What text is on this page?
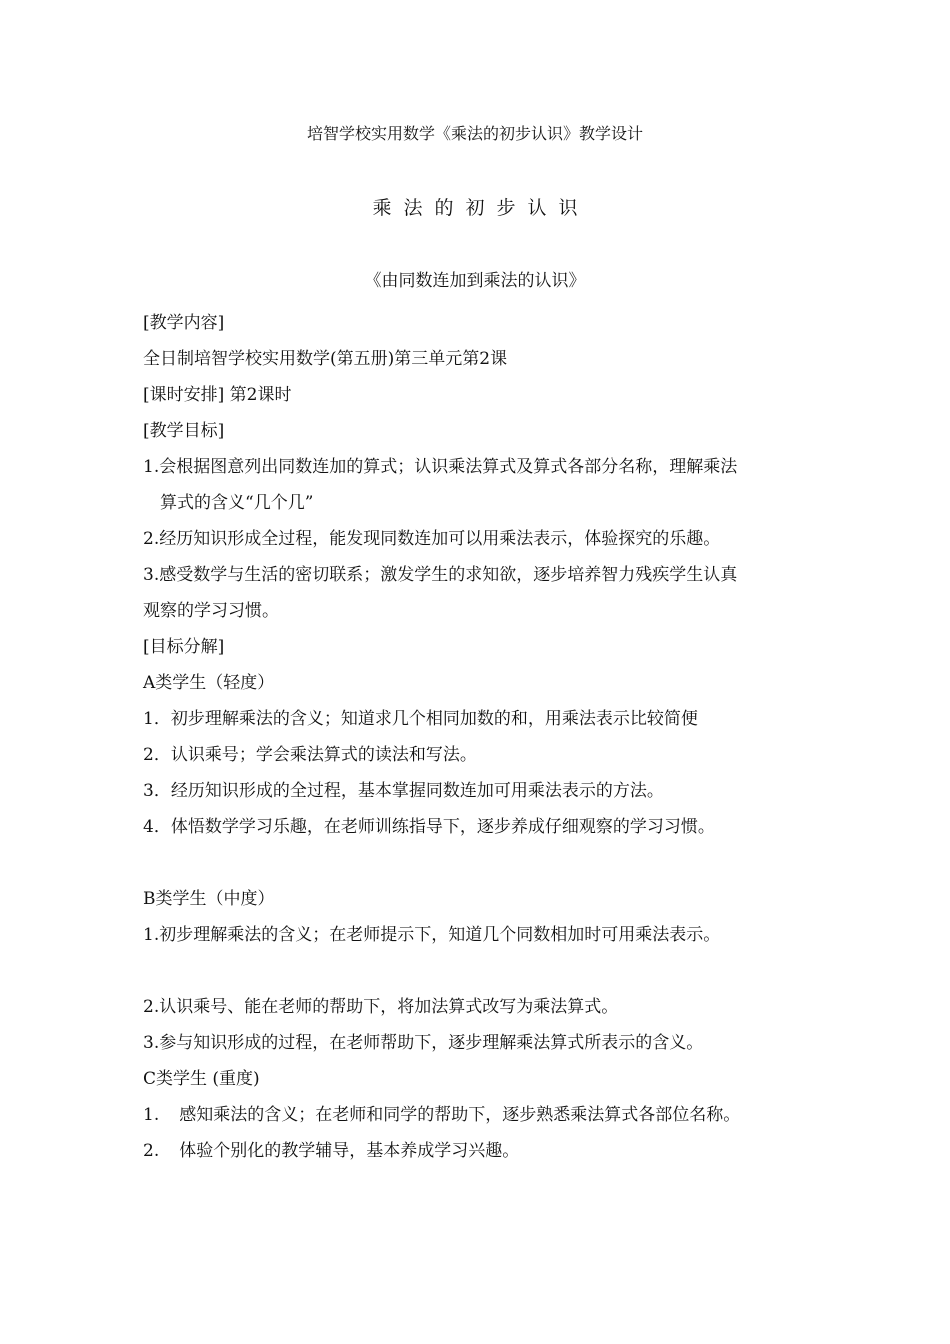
培智学校实用数学《乘法的初步认识》教学设计
乘法的初步认识
《由同数连加到乘法的认识》

[教学内容]

全日制培智学校实用数学(第五册)第三单元第2课

[课时安排] 第2课时

[教学目标]

1.会根据图意列出同数连加的算式；认识乘法算式及算式各部分名称，理解乘法

算式的含义“几个几”

2.经历知识形成全过程，能发现同数连加可以用乘法表示，体验探究的乐趣。

3.感受数学与生活的密切联系；激发学生的求知欲，逐步培养智力残疾学生认真

观察的学习习惯。

[目标分解]

A类学生（轻度）

1．初步理解乘法的含义；知道求几个相同加数的和，用乘法表示比较简便

2．认识乘号；学会乘法算式的读法和写法。

3．经历知识形成的全过程，基本掌握同数连加可用乘法表示的方法。

4．体悟数学学习乐趣，在老师训练指导下，逐步养成仔细观察的学习习惯。

B类学生（中度）

1.初步理解乘法的含义；在老师提示下，知道几个同数相加时可用乘法表示。

2.认识乘号、能在老师的帮助下，将加法算式改写为乘法算式。

3.参与知识形成的过程，在老师帮助下，逐步理解乘法算式所表示的含义。

C类学生 (重度)

1. 感知乘法的含义；在老师和同学的帮助下，逐步熟悉乘法算式各部位名称。

2. 体验个别化的教学辅导，基本养成学习兴趣。
